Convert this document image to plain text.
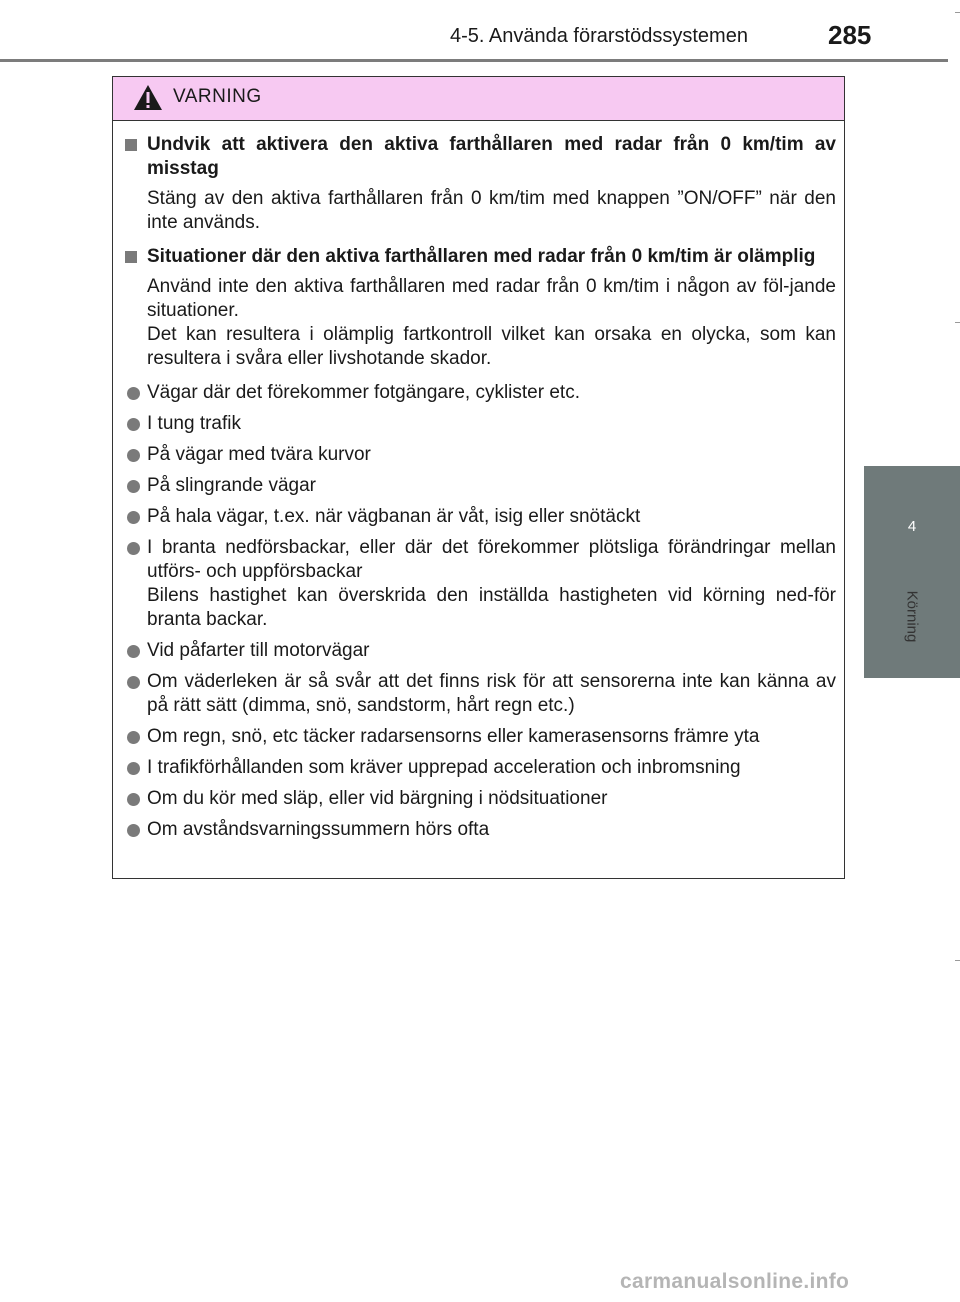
4-5. Använda förarstödssystemen	285
4
Körning
VARNING
Undvik att aktivera den aktiva farthållaren med radar från 0 km/tim av misstag
Stäng av den aktiva farthållaren från 0 km/tim med knappen ”ON/OFF” när den inte används.
Situationer där den aktiva farthållaren med radar från 0 km/tim är olämplig
Använd inte den aktiva farthållaren med radar från 0 km/tim i någon av föl-jande situationer.
Det kan resultera i olämplig fartkontroll vilket kan orsaka en olycka, som kan resultera i svåra eller livshotande skador.
Vägar där det förekommer fotgängare, cyklister etc.
I tung trafik
På vägar med tvära kurvor
På slingrande vägar
På hala vägar, t.ex. när vägbanan är våt, isig eller snötäckt
I branta nedförsbackar, eller där det förekommer plötsliga förändringar mellan utförs- och uppförsbackar
Bilens hastighet kan överskrida den inställda hastigheten vid körning ned-för branta backar.
Vid påfarter till motorvägar
Om väderleken är så svår att det finns risk för att sensorerna inte kan känna av på rätt sätt (dimma, snö, sandstorm, hårt regn etc.)
Om regn, snö, etc täcker radarsensorns eller kamerasensorns främre yta
I trafikförhållanden som kräver upprepad acceleration och inbromsning
Om du kör med släp, eller vid bärgning i nödsituationer
Om avståndsvarningssummern hörs ofta
carmanualsonline.info
